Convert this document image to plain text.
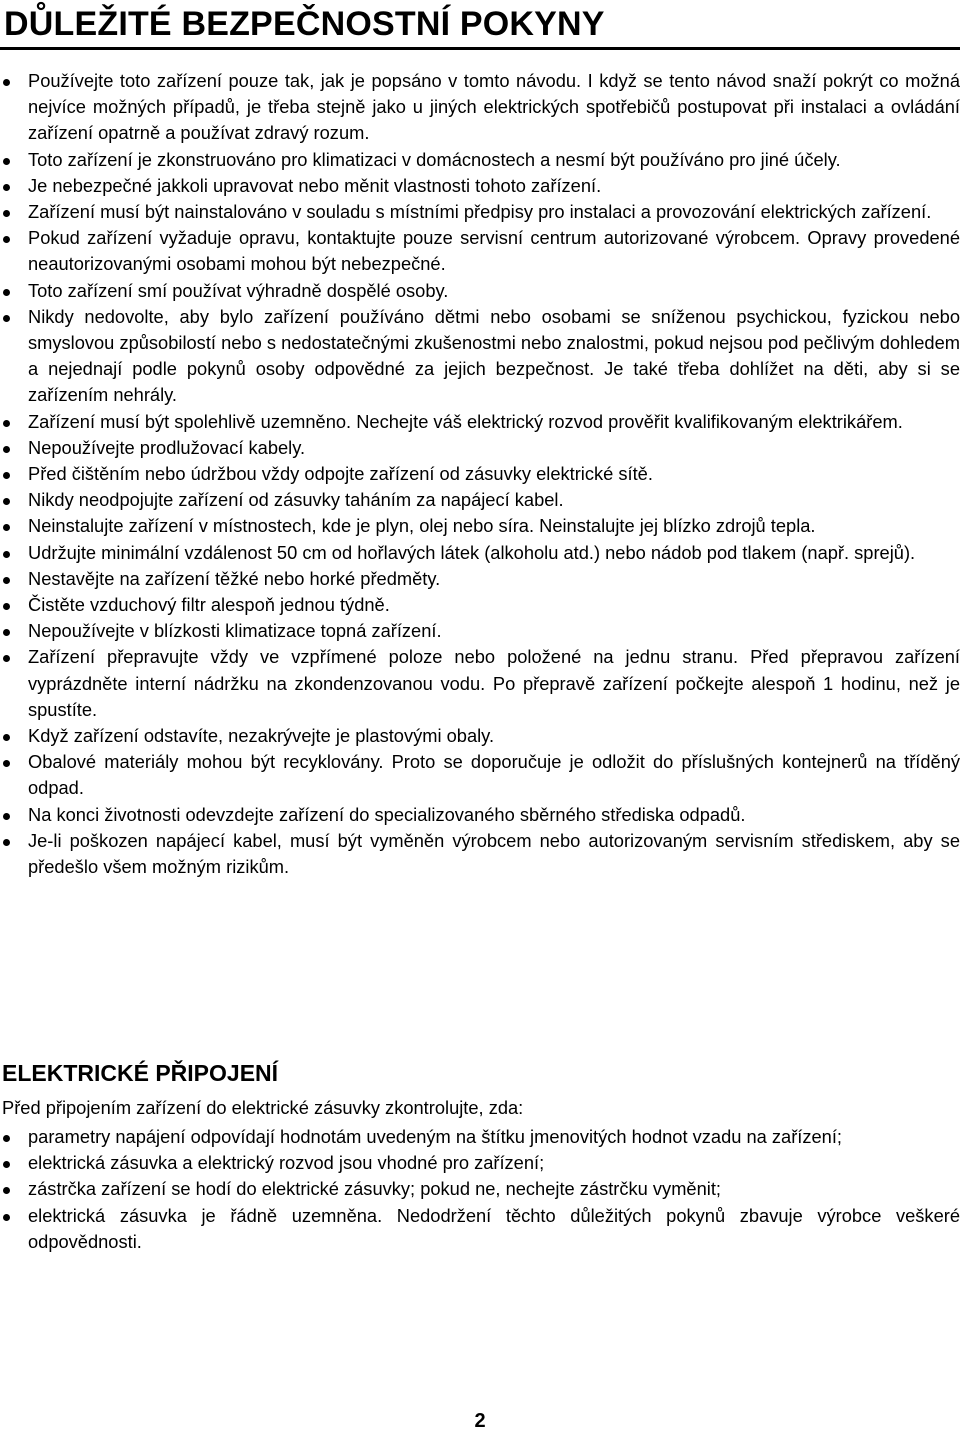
DŮLEŽITÉ BEZPEČNOSTNÍ POKYNY
Používejte toto zařízení pouze tak, jak je popsáno v tomto návodu. I když se tento návod snaží pokrýt co možná nejvíce možných případů, je třeba stejně jako u jiných elektrických spotřebičů postupovat při instalaci a ovládání zařízení opatrně a používat zdravý rozum.
Toto zařízení je zkonstruováno pro klimatizaci v domácnostech a nesmí být používáno pro jiné účely.
Je nebezpečné jakkoli upravovat nebo měnit vlastnosti tohoto zařízení.
Zařízení musí být nainstalováno v souladu s místními předpisy pro instalaci a provozování elektrických zařízení.
Pokud zařízení vyžaduje opravu, kontaktujte pouze servisní centrum autorizované výrobcem. Opravy provedené neautorizovanými osobami mohou být nebezpečné.
Toto zařízení smí používat výhradně dospělé osoby.
Nikdy nedovolte, aby bylo zařízení používáno dětmi nebo osobami se sníženou psychickou, fyzickou nebo smyslovou způsobilostí nebo s nedostatečnými zkušenostmi nebo znalostmi, pokud nejsou pod pečlivým dohledem a nejednají podle pokynů osoby odpovědné za jejich bezpečnost. Je také třeba dohlížet na děti, aby si se zařízením nehrály.
Zařízení musí být spolehlivě uzemněno. Nechejte váš elektrický rozvod prověřit kvalifikovaným elektrikářem.
Nepoužívejte prodlužovací kabely.
Před čištěním nebo údržbou vždy odpojte zařízení od zásuvky elektrické sítě.
Nikdy neodpojujte zařízení od zásuvky taháním za napájecí kabel.
Neinstalujte zařízení v místnostech, kde je plyn, olej nebo síra. Neinstalujte jej blízko zdrojů tepla.
Udržujte minimální vzdálenost 50 cm od hořlavých látek (alkoholu atd.) nebo nádob pod tlakem (např. sprejů).
Nestavějte na zařízení těžké nebo horké předměty.
Čistěte vzduchový filtr alespoň jednou týdně.
Nepoužívejte v blízkosti klimatizace topná zařízení.
Zařízení přepravujte vždy ve vzpřímené poloze nebo položené na jednu stranu. Před přepravou zařízení vyprázdněte interní nádržku na zkondenzovanou vodu. Po přepravě zařízení počkejte alespoň 1 hodinu, než je spustíte.
Když zařízení odstavíte, nezakrývejte je plastovými obaly.
Obalové materiály mohou být recyklovány. Proto se doporučuje je odložit do příslušných kontejnerů na tříděný odpad.
Na konci životnosti odevzdejte zařízení do specializovaného sběrného střediska odpadů.
Je-li poškozen napájecí kabel, musí být vyměněn výrobcem nebo autorizovaným servisním střediskem, aby se předešlo všem možným rizikům.
ELEKTRICKÉ PŘIPOJENÍ

Před připojením zařízení do elektrické zásuvky zkontrolujte, zda:

parametry napájení odpovídají hodnotám uvedeným na štítku jmenovitých hodnot vzadu na zařízení;
elektrická zásuvka a elektrický rozvod jsou vhodné pro zařízení;
zástrčka zařízení se hodí do elektrické zásuvky; pokud ne, nechejte zástrčku vyměnit;
elektrická zásuvka je řádně uzemněna. Nedodržení těchto důležitých pokynů zbavuje výrobce veškeré odpovědnosti.
2
